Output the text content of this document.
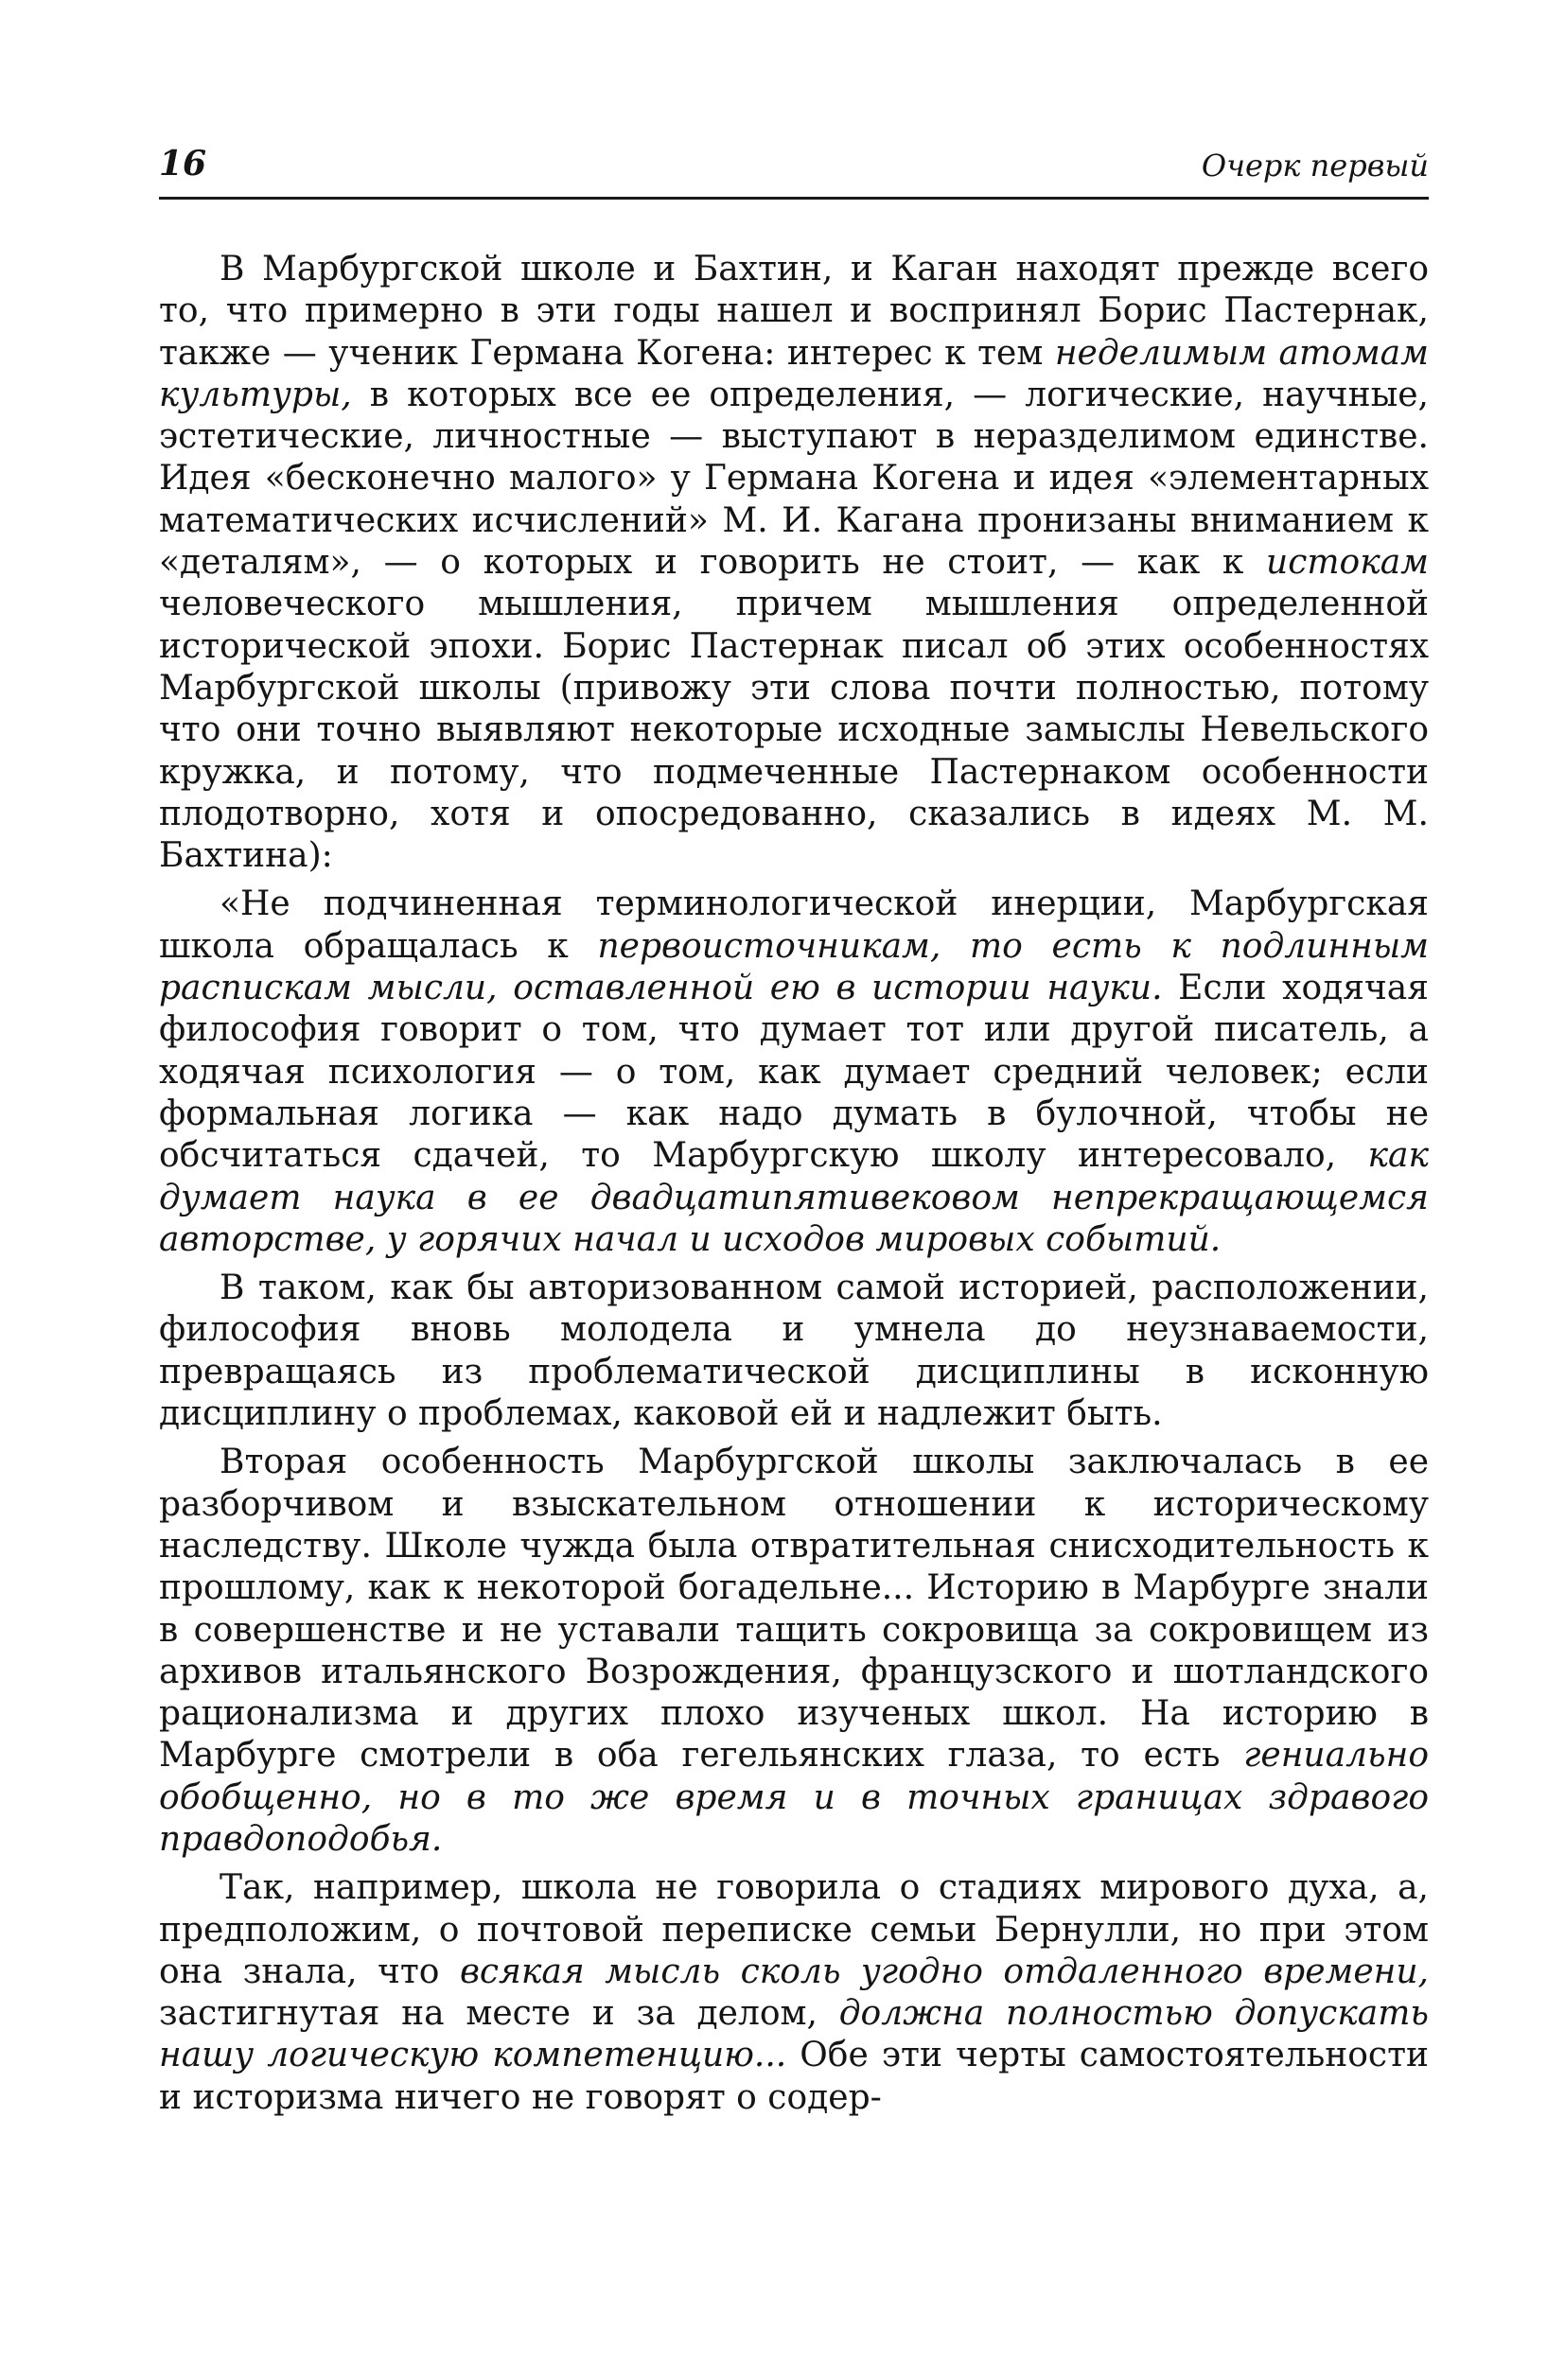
16	Очерк первый

В Марбургской школе и Бахтин, и Каган находят прежде всего то, что примерно в эти годы нашел и воспринял Борис Пастернак, также — ученик Германа Когена: интерес к тем неделимым атомам культуры, в которых все ее определения, — логические, научные, эстетические, личностные — выступают в неразделимом единстве. Идея «бесконечно малого» у Германа Когена и идея «элементарных математических исчислений» М. И. Кагана пронизаны вниманием к «деталям», — о которых и говорить не стоит, — как к истокам человеческого мышления, причем мышления определенной исторической эпохи. Борис Пастернак писал об этих особенностях Марбургской школы (привожу эти слова почти полностью, потому что они точно выявляют некоторые исходные замыслы Невельского кружка, и потому, что подмеченные Пастернаком особенности плодотворно, хотя и опосредованно, сказались в идеях М. М. Бахтина):

«Не подчиненная терминологической инерции, Марбургская школа обращалась к первоисточникам, то есть к подлинным распискам мысли, оставленной ею в истории науки. Если ходячая философия говорит о том, что думает тот или другой писатель, а ходячая психология — о том, как думает средний человек; если формальная логика — как надо думать в булочной, чтобы не обсчитаться сдачей, то Марбургскую школу интересовало, как думает наука в ее двадцатипятивековом непрекращающемся авторстве, у горячих начал и исходов мировых событий.

В таком, как бы авторизованном самой историей, расположении, философия вновь молодела и умнела до неузнаваемости, превращаясь из проблематической дисциплины в исконную дисциплину о проблемах, каковой ей и надлежит быть.

Вторая особенность Марбургской школы заключалась в ее разборчивом и взыскательном отношении к историческому наследству. Школе чужда была отвратительная снисходительность к прошлому, как к некоторой богадельне... Историю в Марбурге знали в совершенстве и не уставали тащить сокровища за сокровищем из архивов итальянского Возрождения, французского и шотландского рационализма и других плохо изученых школ. На историю в Марбурге смотрели в оба гегельянских глаза, то есть гениально обобщенно, но в то же время и в точных границах здравого правдоподобья.

Так, например, школа не говорила о стадиях мирового духа, а, предположим, о почтовой переписке семьи Бернулли, но при этом она знала, что всякая мысль сколь угодно отдаленного времени, застигнутая на месте и за делом, должна полностью допускать нашу логическую компетенцию... Обе эти черты самостоятельности и историзма ничего не говорят о содер-
